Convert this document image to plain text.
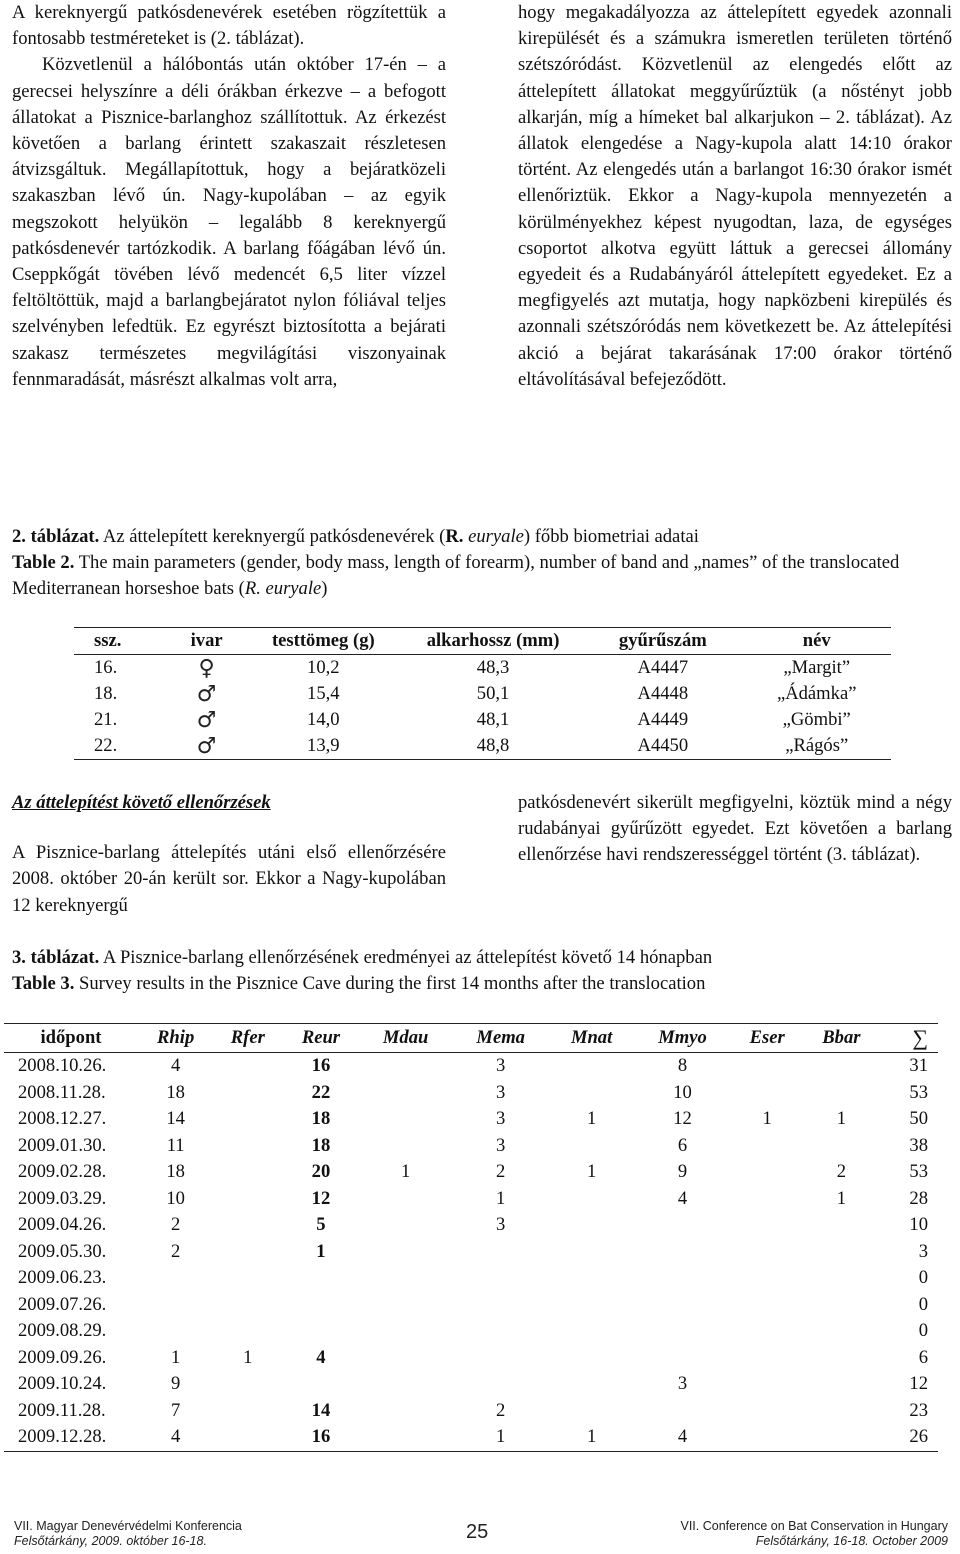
A kereknyergű patkósdenevérek esetében rögzítettük a fontosabb testméreteket is (2. táblázat).

Közvetlenül a hálóbontás után október 17-én – a gerecsei helyszínre a déli órákban érkezve – a befogott állatokat a Pisznice-barlanghoz szállítottuk. Az érkezést követően a barlang érintett szakaszait részletesen átvizsgáltuk. Megállapítottuk, hogy a bejáratközeli szakaszban lévő ún. Nagy-kupolában – az egyik megszokott helyükön – legalább 8 kereknyergű patkósdenevér tartózkodik. A barlang főágában lévő ún. Cseppkőgát tövében lévő medencét 6,5 liter vízzel feltöltöttük, majd a barlangbejáratot nylon fóliával teljes szelvényben lefedtük. Ez egyrészt biztosította a bejárati szakasz természetes megvilágítási viszonyainak fennmaradását, másrészt alkalmas volt arra,

hogy megakadályozza az áttelepített egyedek azonnali kirepülését és a számukra ismeretlen területen történő szétszóródást. Közvetlenül az elengedés előtt az áttelepített állatokat meggyűrűztük (a nőstényt jobb alkarján, míg a hímeket bal alkarjukon – 2. táblázat). Az állatok elengedése a Nagy-kupola alatt 14:10 órakor történt. Az elengedés után a barlangot 16:30 órakor ismét ellenőriztük. Ekkor a Nagy-kupola mennyezetén a körülményekhez képest nyugodtan, laza, de egységes csoportot alkotva együtt láttuk a gerecsei állomány egyedeit és a Rudabányáról áttelepített egyedeket. Ez a megfigyelés azt mutatja, hogy napközbeni kirepülés és azonnali szétszóródás nem következett be. Az áttelepítési akció a bejárat takarásának 17:00 órakor történő eltávolításával befejeződött.

2. táblázat. Az áttelepített kereknyergű patkósdenevérek (R. euryale) főbb biometriai adatai

Table 2. The main parameters (gender, body mass, length of forearm), number of band and „names” of the translocated Mediterranean horseshoe bats (R. euryale)

ssz.	ivar	testtömeg (g)	alkarhossz (mm)	gyűrűszám	név
16.	♀	10,2	48,3	A4447	„Margit”
18.	♂	15,4	50,1	A4448	„Ádámka”
21.	♂	14,0	48,1	A4449	„Gömbi”
22.	♂	13,9	48,8	A4450	„Rágós”

Az áttelepítést követő ellenőrzések

A Pisznice-barlang áttelepítés utáni első ellenőrzésére 2008. október 20-án került sor. Ekkor a Nagy-kupolában 12 kereknyergű

patkósdenevért sikerült megfigyelni, köztük mind a négy rudabányai gyűrűzött egyedet. Ezt követően a barlang ellenőrzése havi rendszerességgel történt (3. táblázat).

3. táblázat. A Pisznice-barlang ellenőrzésének eredményei az áttelepítést követő 14 hónapban

Table 3. Survey results in the Pisznice Cave during the first 14 months after the translocation

időpont	Rhip	Rfer	Reur	Mdau	Mema	Mnat	Mmyo	Eser	Bbar	∑
2008.10.26.	4		16		3		8			31
2008.11.28.	18		22		3		10			53
2008.12.27.	14		18		3	1	12	1	1	50
2009.01.30.	11		18		3		6			38
2009.02.28.	18		20	1	2	1	9		2	53
2009.03.29.	10		12		1		4		1	28
2009.04.26.	2		5		3					10
2009.05.30.	2		1							3
2009.06.23.										0
2009.07.26.										0
2009.08.29.										0
2009.09.26.	1	1	4							6
2009.10.24.	9						3			12
2009.11.28.	7		14		2					23
2009.12.28.	4		16		1	1	4			26

VII. Magyar Denevérvédelmi Konferencia

Felsőtárkány, 2009. október 16-18.	25	VII. Conference on Bat Conservation in Hungary

Felsőtárkány, 16-18. October 2009
